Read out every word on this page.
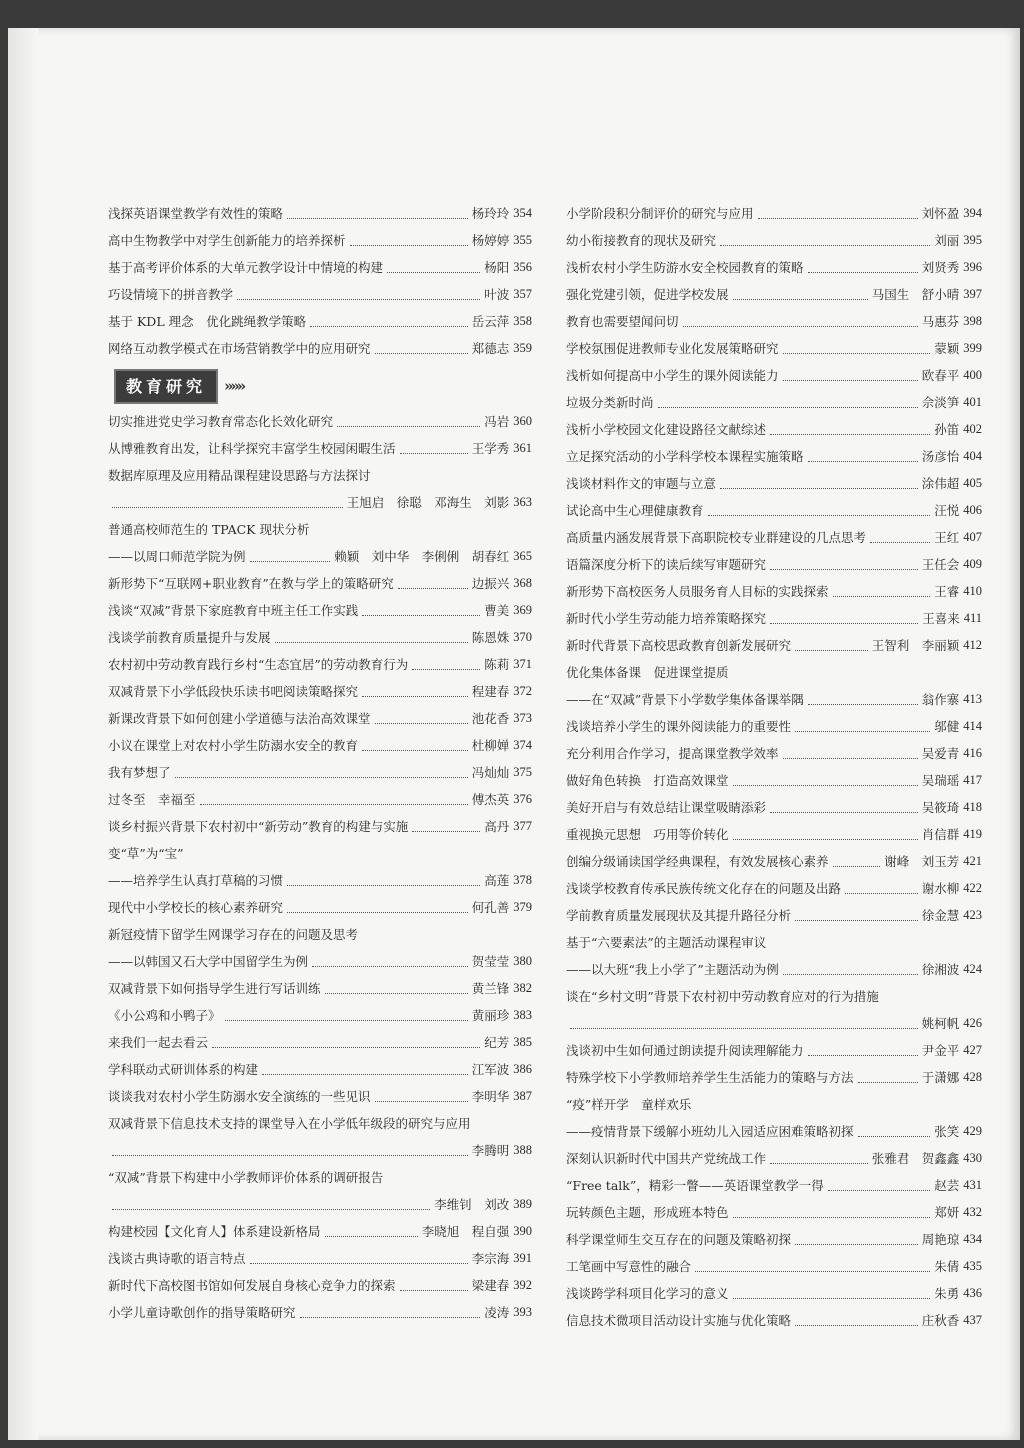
浅探英语课堂教学有效性的策略	杨玲玲 354
高中生物教学中对学生创新能力的培养探析	杨婷婷 355
基于高考评价体系的大单元教学设计中情境的构建	杨阳 356
巧设情境下的拼音教学	叶波 357
基于 KDL 理念　优化跳绳教学策略	岳云萍 358
网络互动教学模式在市场营销教学中的应用研究	郑德志 359
教育研究	»»»
切实推进党史学习教育常态化长效化研究	冯岩 360
从博雅教育出发，让科学探究丰富学生校园闲暇生活	王学秀 361
数据库原理及应用精品课程建设思路与方法探讨
王旭启　徐聪　邓海生　刘影 363
普通高校师范生的 TPACK 现状分析
——以周口师范学院为例	赖颖　刘中华　李俐俐　胡春红 365
新形势下“互联网+职业教育”在教与学上的策略研究	边振兴 368
浅谈“双减”背景下家庭教育中班主任工作实践	曹美 369
浅谈学前教育质量提升与发展	陈恩姝 370
农村初中劳动教育践行乡村“生态宜居”的劳动教育行为	陈莉 371
双减背景下小学低段快乐读书吧阅读策略探究	程建春 372
新课改背景下如何创建小学道德与法治高效课堂	池花香 373
小议在课堂上对农村小学生防溺水安全的教育	杜柳婵 374
我有梦想了	冯灿灿 375
过冬至　幸福至	傅杰英 376
谈乡村振兴背景下农村初中“新劳动”教育的构建与实施	高丹 377
变“草”为“宝”
——培养学生认真打草稿的习惯	高莲 378
现代中小学校长的核心素养研究	何孔善 379
新冠疫情下留学生网课学习存在的问题及思考
——以韩国又石大学中国留学生为例	贺莹莹 380
双减背景下如何指导学生进行写话训练	黄兰锋 382
《小公鸡和小鸭子》	黄丽珍 383
来我们一起去看云	纪芳 385
学科联动式研训体系的构建	江军波 386
谈谈我对农村小学生防溺水安全演练的一些见识	李明华 387
双减背景下信息技术支持的课堂导入在小学低年级段的研究与应用
李腾明 388
“双减”背景下构建中小学教师评价体系的调研报告
李维钊　刘改 389
构建校园【文化育人】体系建设新格局	李晓旭　程自强 390
浅谈古典诗歌的语言特点	李宗海 391
新时代下高校图书馆如何发展自身核心竞争力的探索	梁建春 392
小学儿童诗歌创作的指导策略研究	凌涛 393
小学阶段积分制评价的研究与应用	刘怀盈 394
幼小衔接教育的现状及研究	刘丽 395
浅析农村小学生防游水安全校园教育的策略	刘贤秀 396
强化党建引领，促进学校发展	马国生　舒小晴 397
教育也需要望闻问切	马惠芬 398
学校氛围促进教师专业化发展策略研究	蒙颖 399
浅析如何提高中小学生的课外阅读能力	欧春平 400
垃圾分类新时尚	佘淡笋 401
浅析小学校园文化建设路径文献综述	孙笛 402
立足探究活动的小学科学校本课程实施策略	汤彦怡 404
浅谈材料作文的审题与立意	涂伟超 405
试论高中生心理健康教育	汪悦 406
高质量内涵发展背景下高职院校专业群建设的几点思考	王红 407
语篇深度分析下的读后续写审题研究	王任会 409
新形势下高校医务人员服务育人目标的实践探索	王睿 410
新时代小学生劳动能力培养策略探究	王喜来 411
新时代背景下高校思政教育创新发展研究	王智利　李丽颖 412
优化集体备课　促进课堂提质
——在“双减”背景下小学数学集体备课举隅	翁作寨 413
浅谈培养小学生的课外阅读能力的重要性	邬健 414
充分利用合作学习，提高课堂教学效率	吴爱青 416
做好角色转换　打造高效课堂	吴瑞瑶 417
美好开启与有效总结让课堂吸睛添彩	吴筱琦 418
重视换元思想　巧用等价转化	肖信群 419
创编分级诵读国学经典课程，有效发展核心素养	谢峰　刘玉芳 421
浅谈学校教育传承民族传统文化存在的问题及出路	谢水柳 422
学前教育质量发展现状及其提升路径分析	徐金慧 423
基于“六要素法”的主题活动课程审议
——以大班“我上小学了”主题活动为例	徐湘波 424
谈在“乡村文明”背景下农村初中劳动教育应对的行为措施
姚柯帆 426
浅谈初中生如何通过朗读提升阅读理解能力	尹金平 427
特殊学校下小学教师培养学生生活能力的策略与方法	于潇娜 428
“疫”样开学　童样欢乐
——疫情背景下缓解小班幼儿入园适应困难策略初探	张笑 429
深刻认识新时代中国共产党统战工作	张雅君　贺鑫鑫 430
“Free talk”，精彩一瞥——英语课堂教学一得	赵芸 431
玩转颜色主题，形成班本特色	郑妍 432
科学课堂师生交互存在的问题及策略初探	周艳琼 434
工笔画中写意性的融合	朱倩 435
浅谈跨学科项目化学习的意义	朱勇 436
信息技术微项目活动设计实施与优化策略	庄秋香 437
